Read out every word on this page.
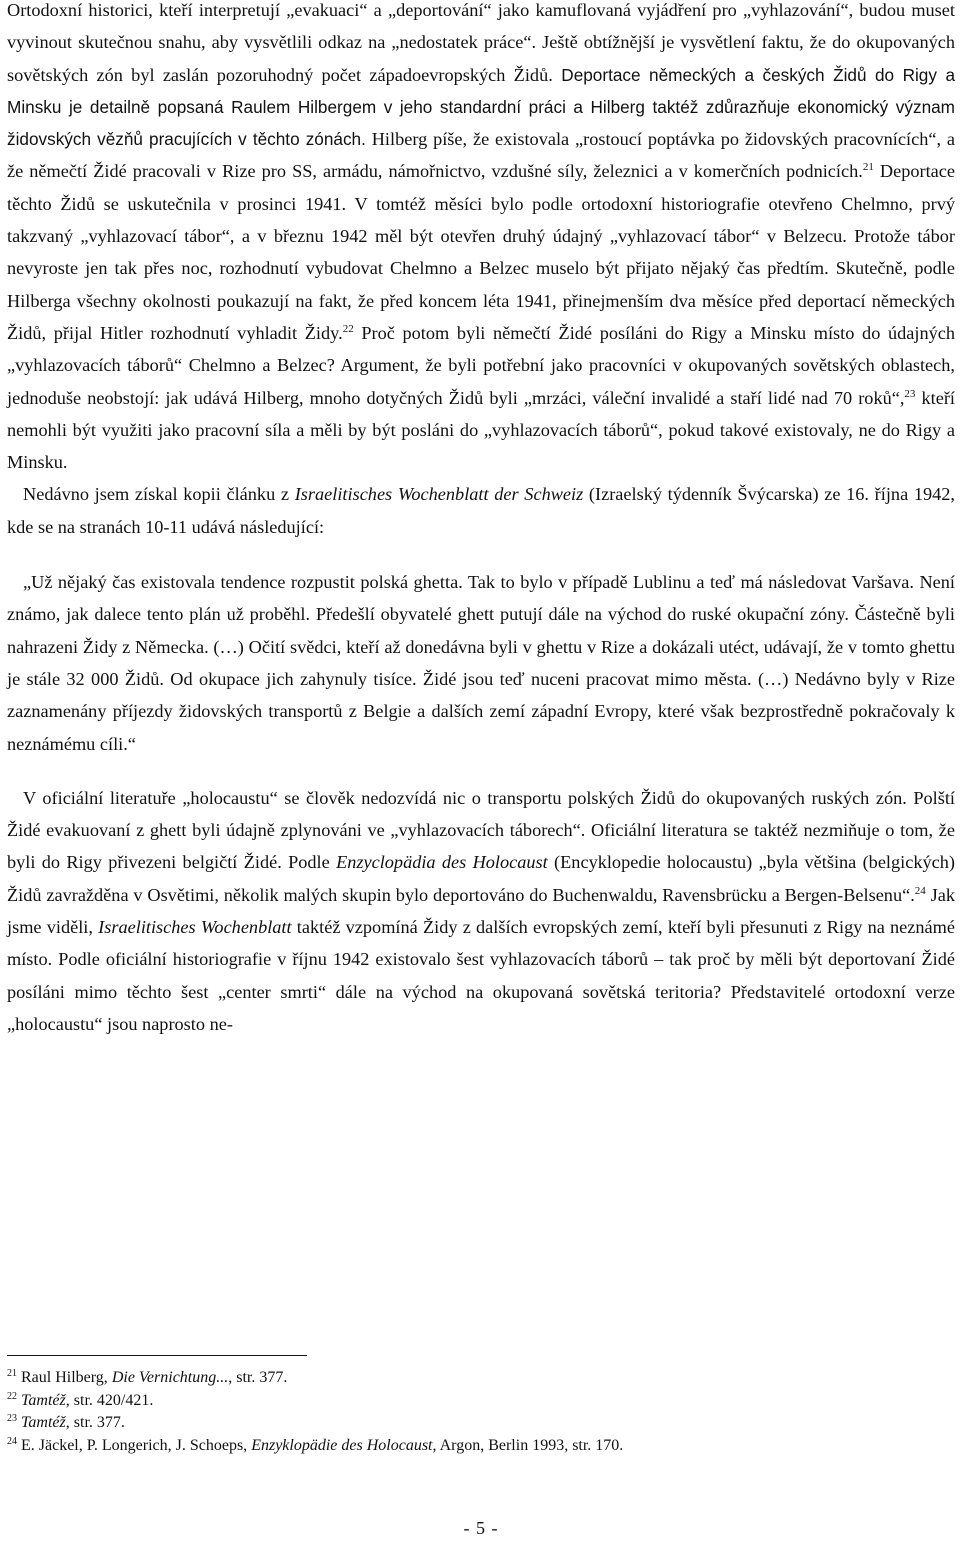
Ortodoxní historici, kteří interpretují „evakuaci“ a „deportování“ jako kamuflovaná vyjádření pro „vyhlazování“, budou muset vyvinout skutečnou snahu, aby vysvětlili odkaz na „nedostatek práce“. Ještě obtížnější je vysvětlení faktu, že do okupovaných sovětských zón byl zaslán pozoruhodný počet západoevropských Židů. Deportace německých a českých Židů do Rigy a Minsku je detailně popsaná Raulem Hilbergem v jeho standardní práci a Hilberg taktéž zdůrazňuje ekonomický význam židovských vězňů pracujících v těchto zónách. Hilberg píše, že existovala „rostoucí poptávka po židovských pracovnících“, a že němečtí Židé pracovali v Rize pro SS, armádu, námořnictvo, vzdušné síly, železnici a v komerčních podnicích.$^{21}$ Deportace těchto Židů se uskutečnila v prosinci 1941. V tomtéž měsíci bylo podle ortodoxní historiografie otevřeno Chelmno, prvý takzvaný „vyhlazovací tábor“, a v březnu 1942 měl být otevřen druhý údajný „vyhlazovací tábor“ v Belzecu. Protože tábor nevyroste jen tak přes noc, rozhodnutí vybudovat Chelmno a Belzec muselo být přijato nějaký čas předtím. Skutečně, podle Hilberga všechny okolnosti poukazují na fakt, že před koncem léta 1941, přinejmenším dva měsíce před deportací německých Židů, přijal Hitler rozhodnutí vyhladit Židy.$^{22}$ Proč potom byli němečtí Židé posíláni do Rigy a Minsku místo do údajných „vyhlazovacích táborů“ Chelmno a Belzec? Argument, že byli potřební jako pracovníci v okupovaných sovětských oblastech, jednoduše neobstojí: jak udává Hilberg, mnoho dotyčných Židů byli „mrzáci, váleční invalidé a staří lidé nad 70 roků“,$^{23}$ kteří nemohli být využiti jako pracovní síla a měli by být posláni do „vyhlazovacích táborů“, pokud takové existovaly, ne do Rigy a Minsku.

Nedávno jsem získal kopii článku z Israelitisches Wochenblatt der Schweiz (Izraelský týdenník Švýcarska) ze 16. října 1942, kde se na stranách 10-11 udává následující:

„Už nějaký čas existovala tendence rozpustit polská ghetta. Tak to bylo v případě Lublinu a teď má následovat Varšava. Není známo, jak dalece tento plán už proběhl. Předešlí obyvatelé ghett putují dále na východ do ruské okupační zóny. Částečně byli nahrazeni Židy z Německa. (…) Očití svědci, kteří až donedávna byli v ghettu v Rize a dokázali utéct, udávají, že v tomto ghettu je stále 32 000 Židů. Od okupace jich zahynuly tisíce. Židé jsou teď nuceni pracovat mimo města. (…) Nedávno byly v Rize zaznamenány příjezdy židovských transportů z Belgie a dalších zemí západní Evropy, které však bezprostředně pokračovaly k neznámému cíli.“

V oficiální literatuře „holocaustu“ se člověk nedozvídá nic o transportu polských Židů do okupovaných ruských zón. Polští Židé evakuovaní z ghett byli údajně zplynováni ve „vyhlazovacích táborech“. Oficiální literatura se taktéž nezmiňuje o tom, že byli do Rigy přivezeni belgičtí Židé. Podle Enzyclopädia des Holocaust (Encyklopedie holocaustu) „byla většina (belgických) Židů zavražděna v Osvětimi, několik malých skupin bylo deportováno do Buchenwaldu, Ravensbrücku a Bergen-Belsenu“.$^{24}$ Jak jsme viděli, Israelitisches Wochenblatt taktéž vzpomíná Židy z dalších evropských zemí, kteří byli přesunuti z Rigy na neznámé místo. Podle oficiální historiografie v říjnu 1942 existovalo šest vyhlazovacích táborů – tak proč by měli být deportovaní Židé posíláni mimo těchto šest „center smrti“ dále na východ na okupovaná sovětská teritoria? Představitelé ortodoxní verze „holocaustu“ jsou naprosto ne-

$^{21}$ Raul Hilberg, Die Vernichtung..., str. 377.
$^{22}$ Tamtéž, str. 420/421.
$^{23}$ Tamtéž, str. 377.
$^{24}$ E. Jäckel, P. Longerich, J. Schoeps, Enzyklopädie des Holocaust, Argon, Berlin 1993, str. 170.
- 5 -
